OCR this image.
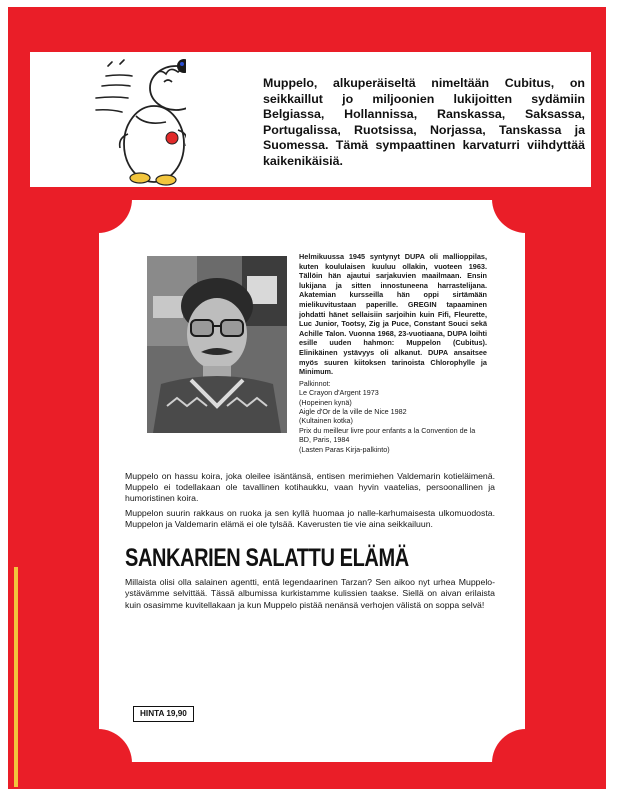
Muppelo, alkuperäiseltä nimeltään Cubitus, on seikkaillut jo miljoonien lukijoitten sydämiin Belgiassa, Hollannissa, Ranskassa, Saksassa, Portugalissa, Ruotsissa, Norjassa, Tanskassa ja Suomessa. Tämä sympaattinen karvaturri viihdyttää kaikenikäisiä.

Helmikuussa 1945 syntynyt DUPA oli mallioppilas, kuten koululaisen kuuluu ollakin, vuoteen 1963. Tällöin hän ajautui sarjakuvien maailmaan. Ensin lukijana ja sitten innostuneena harrastelijana. Akatemian kursseilla hän oppi sirtämään mielikuvitustaan paperille. GREGIN tapaaminen johdatti hänet sellaisiin sarjoihin kuin Fifi, Fleurette, Luc Junior, Tootsy, Zig ja Puce, Constant Souci sekä Achille Talon. Vuonna 1968, 23-vuotiaana, DUPA loihti esille uuden hahmon: Muppelon (Cubitus). Elinikäinen ystävyys oli alkanut. DUPA ansaitsee myös suuren kiitoksen tarinoista Chlorophylle ja Minimum.

Palkinnot:

Le Crayon d'Argent 1973

(Hopeinen kynä)

Aigle d'Or de la ville de Nice 1982

(Kultainen kotka)

Prix du meilleur livre pour enfants a la Convention de la BD, Paris, 1984

(Lasten Paras Kirja-palkinto)

Muppelo on hassu koira, joka oleilee isäntänsä, entisen merimiehen Valdemarin kotieläimenä. Muppelo ei todellakaan ole tavallinen kotihaukku, vaan hyvin vaatelias, persoonallinen ja humoristinen koira.

Muppelon suurin rakkaus on ruoka ja sen kyllä huomaa jo nalle-karhumaisesta ulkomuodosta. Muppelon ja Valdemarin elämä ei ole tylsää. Kaverusten tie vie aina seikkailuun.

SANKARIEN SALATTU ELÄMÄ

Millaista olisi olla salainen agentti, entä legendaarinen Tarzan? Sen aikoo nyt urhea Muppelo-ystävämme selvittää. Tässä albumissa kurkistamme kulissien taakse. Siellä on aivan erilaista kuin osasimme kuvitellakaan ja kun Muppelo pistää nenänsä verhojen välistä on soppa selvä!

HINTA 19,90
